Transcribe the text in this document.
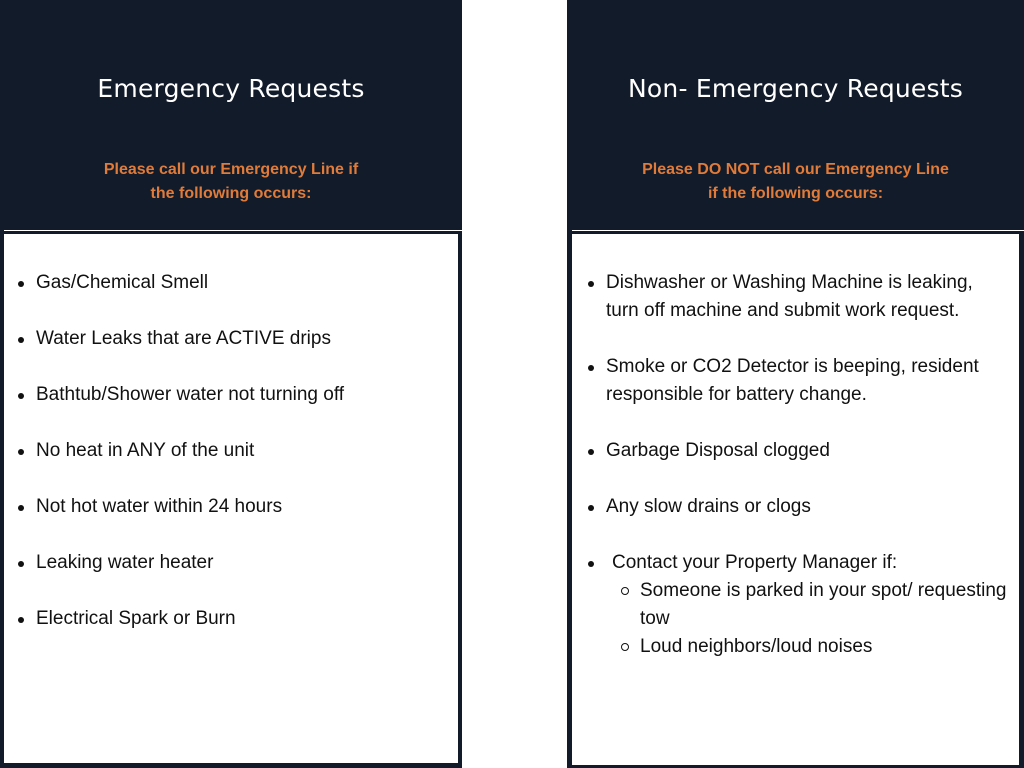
Emergency Requests

Please call our Emergency Line if
the following occurs:

Gas/Chemical Smell
Water Leaks that are ACTIVE drips
Bathtub/Shower water not turning off
No heat in ANY of the unit
Not hot water within 24 hours
Leaking water heater
Electrical Spark or Burn
Non- Emergency Requests

Please DO NOT call our Emergency Line
if the following occurs:

Dishwasher or Washing Machine is leaking, turn off machine and submit work request.
Smoke or CO2 Detector is beeping, resident responsible for battery change.
Garbage Disposal clogged
Any slow drains or clogs
Contact your Property Manager if:
Someone is parked in your spot/ requesting tow
Loud neighbors/loud noises
